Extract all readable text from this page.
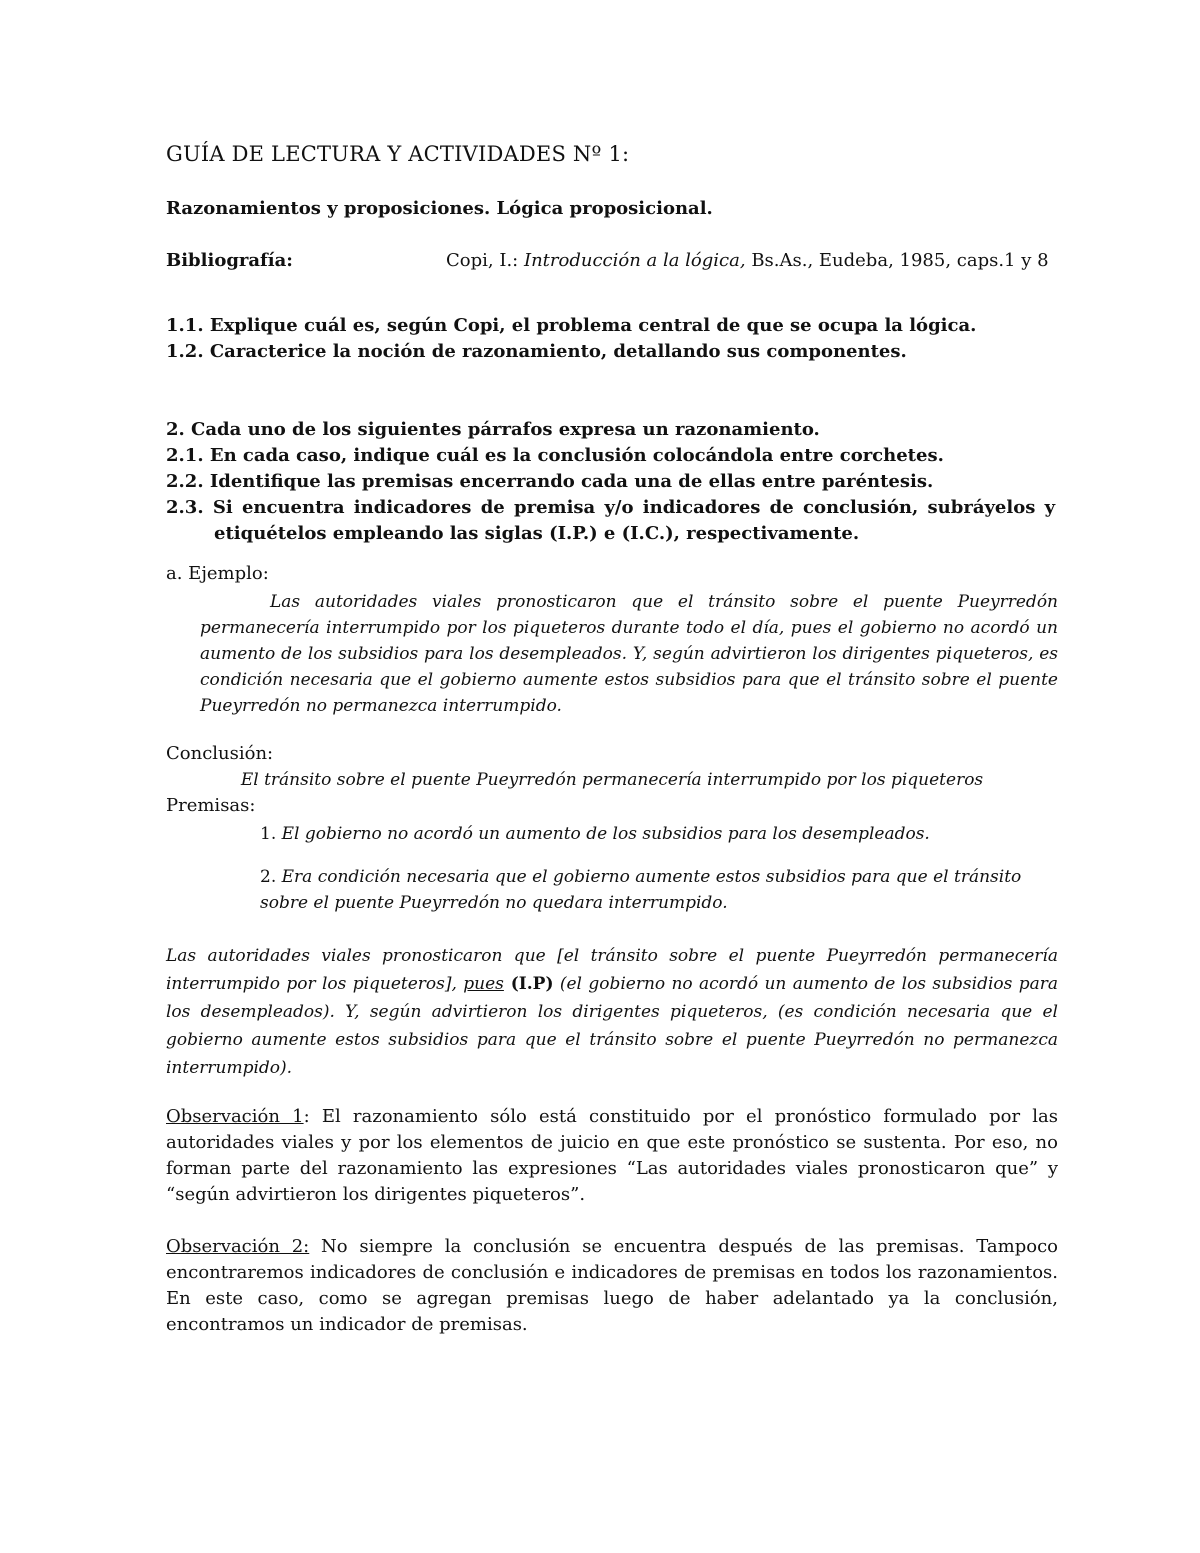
GUÍA DE LECTURA Y ACTIVIDADES Nº 1:

Razonamientos y proposiciones. Lógica proposicional.

Bibliografía:	Copi, I.: Introducción a la lógica, Bs.As., Eudeba, 1985, caps.1 y 8

1.1. Explique cuál es, según Copi, el problema central de que se ocupa la lógica.

1.2. Caracterice la noción de razonamiento, detallando sus componentes.

2. Cada uno de los siguientes párrafos expresa un razonamiento.

2.1. En cada caso, indique cuál es la conclusión colocándola entre corchetes.

2.2. Identifique las premisas encerrando cada una de ellas entre paréntesis.

2.3. Si encuentra indicadores de premisa y/o indicadores de conclusión, subráyelos y

etiquételos empleando las siglas (I.P.) e (I.C.), respectivamente.

a. Ejemplo:

Las autoridades viales pronosticaron que el tránsito sobre el puente Pueyrredón permanecería interrumpido por los piqueteros durante todo el día, pues el gobierno no acordó un aumento de los subsidios para los desempleados. Y, según advirtieron los dirigentes piqueteros, es condición necesaria que el gobierno aumente estos subsidios para que el tránsito sobre el puente Pueyrredón no permanezca interrumpido.

Conclusión:

El tránsito sobre el puente Pueyrredón permanecería interrumpido por los piqueteros

Premisas:

1. El gobierno no acordó un aumento de los subsidios para los desempleados.

2. Era condición necesaria que el gobierno aumente estos subsidios para que el tránsito sobre el puente Pueyrredón no quedara interrumpido.

Las autoridades viales pronosticaron que [el tránsito sobre el puente Pueyrredón permanecería interrumpido por los piqueteros], pues (I.P) (el gobierno no acordó un aumento de los subsidios para los desempleados). Y, según advirtieron los dirigentes piqueteros, (es condición necesaria que el gobierno aumente estos subsidios para que el tránsito sobre el puente Pueyrredón no permanezca interrumpido).

Observación 1: El razonamiento sólo está constituido por el pronóstico formulado por las autoridades viales y por los elementos de juicio en que este pronóstico se sustenta. Por eso, no forman parte del razonamiento las expresiones “Las autoridades viales pronosticaron que” y “según advirtieron los dirigentes piqueteros”.

Observación 2: No siempre la conclusión se encuentra después de las premisas. Tampoco encontraremos indicadores de conclusión e indicadores de premisas en todos los razonamientos. En este caso, como se agregan premisas luego de haber adelantado ya la conclusión, encontramos un indicador de premisas.
